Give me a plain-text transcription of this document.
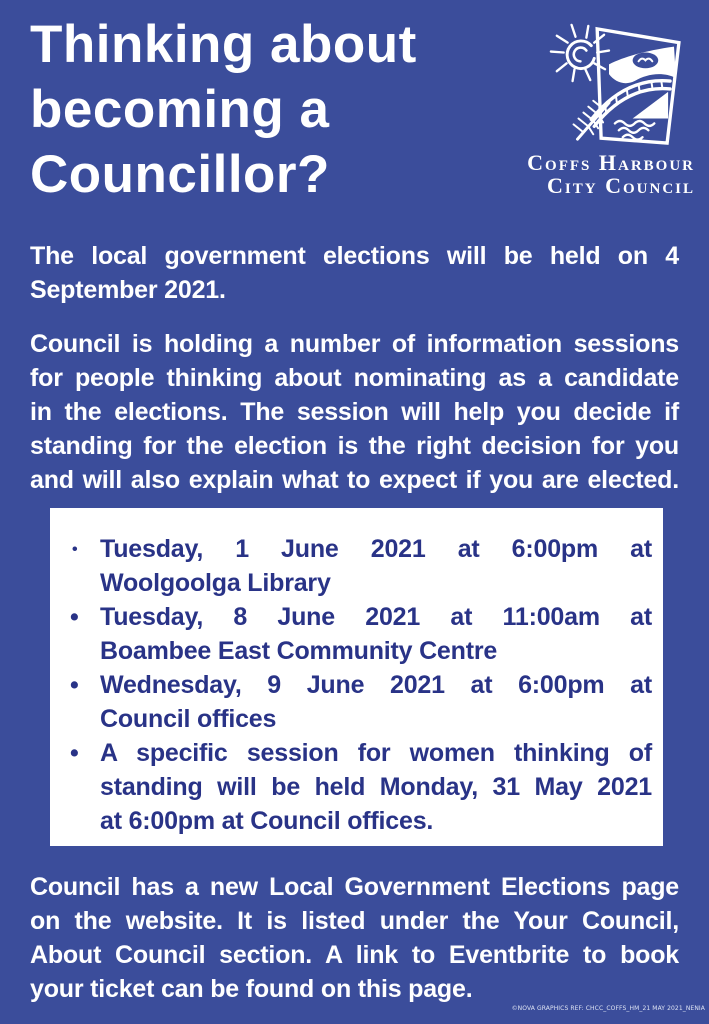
Thinking about
becoming a
Councillor?	Coffs Harbour
City Council
The local government elections will be held on 4
September 2021.
Council is holding a number of information sessions
for people thinking about nominating as a candidate
in the elections. The session will help you decide if
standing for the election is the right decision for you
and will also explain what to expect if you are elected.
• Tuesday, 1 June 2021 at 6:00pm at
Woolgoolga Library
• Tuesday, 8 June 2021 at 11:00am at
Boambee East Community Centre
• Wednesday, 9 June 2021 at 6:00pm at
Council offices
• A specific session for women thinking of
standing will be held Monday, 31 May 2021
at 6:00pm at Council offices.
Council has a new Local Government Elections page
on the website. It is listed under the Your Council,
About Council section. A link to Eventbrite to book
your ticket can be found on this page.
©NOVA GRAPHICS REF: CHCC_COFFS_HM_21 MAY 2021_NENIA
